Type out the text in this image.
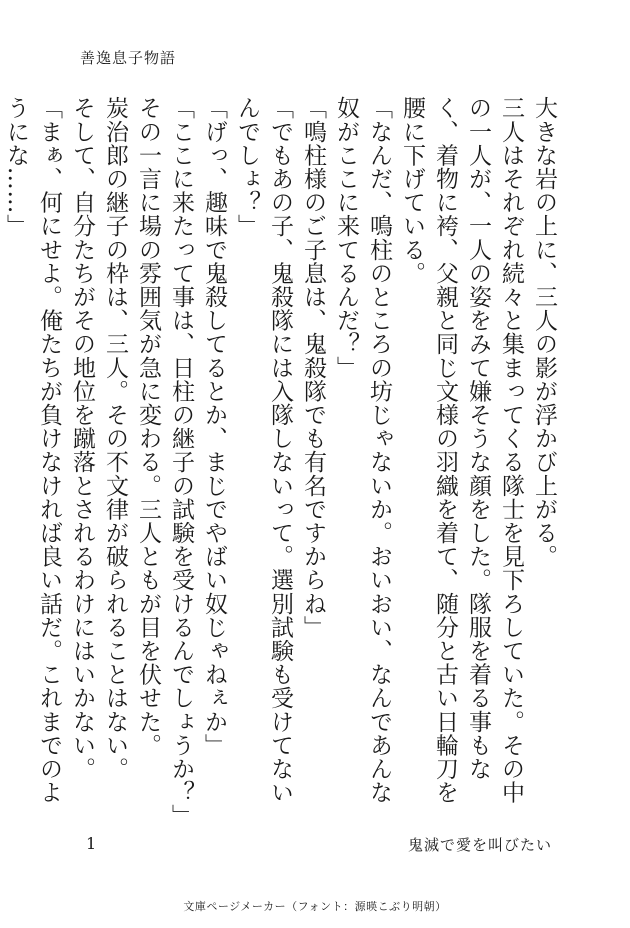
善逸息子物語

大きな岩の上に、三人の影が浮かび上がる。

三人はそれぞれ続々と集まってくる隊士を見下ろしていた。その中の一人が、一人の姿をみて嫌そうな顔をした。隊服を着る事もなく、着物に袴、父親と同じ文様の羽織を着て、随分と古い日輪刀を腰に下げている。

「なんだ、鳴柱のところの坊じゃないか。おいおい、なんであんな奴がここに来てるんだ？」

「鳴柱様のご子息は、鬼殺隊でも有名ですからね」

「でもあの子、鬼殺隊には入隊しないって。選別試験も受けてないんでしょ？」

「げっ、趣味で鬼殺してるとか、まじでやばい奴じゃねぇか」

「ここに来たって事は、日柱の継子の試験を受けるんでしょうか？」

その一言に場の雰囲気が急に変わる。三人ともが目を伏せた。

炭治郎の継子の枠は、三人。その不文律が破られることはない。

そして、自分たちがその地位を蹴落とされるわけにはいかない。

「まぁ、何にせよ。俺たちが負けなければ良い話だ。これまでのようにな……」

1	鬼滅で愛を叫びたい
文庫ページメーカー（フォント：源暎こぶり明朝）
